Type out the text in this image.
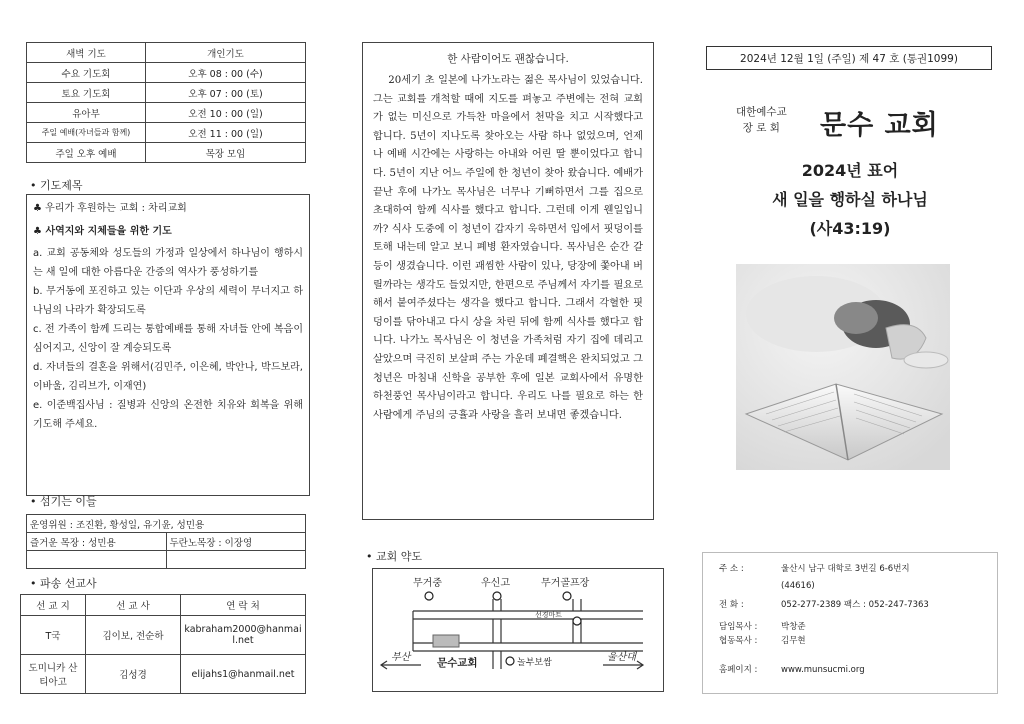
새벽 기도	개인기도
수요 기도회	오후 08 : 00 (수)
토요 기도회	오후 07 : 00 (토)
유아부	오전 10 : 00 (일)
주일 예배(자녀들과 함께)	오전 11 : 00 (일)
주일 오후 예배	목장 모임
• 기도제목

♣ 우리가 후원하는 교회 : 차리교회

♣ 사역지와 지체들을 위한 기도

a. 교회 공동체와 성도들의 가정과 일상에서 하나님이 행하시는 새 일에 대한 아름다운 간증의 역사가 풍성하기를

b. 무거동에 포진하고 있는 이단과 우상의 세력이 무너지고 하나님의 나라가 확장되도록

c. 전 가족이 함께 드리는 통합예배를 통해 자녀들 안에 복음이 심어지고, 신앙이 잘 계승되도록

d. 자녀들의 결혼을 위해서(김민주, 이은혜, 박안나, 박드보라, 이바울, 김리브가, 이재연)

e. 이준백집사님 : 질병과 신앙의 온전한 치유와 회복을 위해 기도해 주세요.

• 섬기는 이들
운영위원 : 조진환, 황성일, 유기윤, 성민용	
즐거운 목장 : 성민용	두란노목장 : 이장영

• 파송 선교사
선 교 지	선 교 사	연 락 처
T국	김이보, 전순하	kabraham2000@hanmail.net
도미니카 산티아고	김성경	elijahs1@hanmail.net
한 사람이어도 괜찮습니다.

20세기 초 일본에 나가노라는 젊은 목사님이 있었습니다. 그는 교회를 개척할 때에 지도를 펴놓고 주변에는 전혀 교회가 없는 미신으로 가득찬 마을에서 천막을 치고 시작했다고 합니다. 5년이 지나도록 찾아오는 사람 하나 없었으며, 언제나 예배 시간에는 사랑하는 아내와 어린 딸 뿐이었다고 합니다. 5년이 지난 어느 주일에 한 청년이 찾아 왔습니다. 예배가 끝난 후에 나가노 목사님은 너무나 기뻐하면서 그를 집으로 초대하여 함께 식사를 했다고 합니다. 그런데 이게 웬일입니까? 식사 도중에 이 청년이 갑자기 욱하면서 입에서 핏덩이를 토해 내는데 알고 보니 폐병 환자였습니다. 목사님은 순간 갈등이 생겼습니다. 이런 괘씸한 사람이 있나, 당장에 쫓아내 버릴까라는 생각도 들었지만, 한편으로 주님께서 자기를 필요로 해서 붙여주셨다는 생각을 했다고 합니다. 그래서 각혈한 핏덩이를 닦아내고 다시 상을 차린 뒤에 함께 식사를 했다고 합니다. 나가노 목사님은 이 청년을 가족처럼 자기 집에 데리고 살았으며 극진히 보살펴 주는 가운데 폐결핵은 완치되었고 그 청년은 마침내 신학을 공부한 후에 일본 교회사에서 유명한 하천풍언 목사님이라고 합니다. 우리도 나를 필요로 하는 한 사람에게 주님의 긍휼과 사랑을 흘러 보내면 좋겠습니다.

• 교회 약도
무거중	우신고	무거골프장
선경마트
문수교회	놀부보쌈
부산	울산대
2024년 12월 1일 (주일) 제 47 호 (통권1099)
대한예수교
장 로 회 문수 교회
2024년 표어
새 일을 행하실 하나님
(사43:19)
주 소 :	울산시 남구 대학로 3번길 6-6번지
(44616)
전 화 :	052-277-2389 팩스 : 052-247-7363
담임목사 :	박창준
협동목사 :	김무현
홈페이지 :	www.munsucmi.org
